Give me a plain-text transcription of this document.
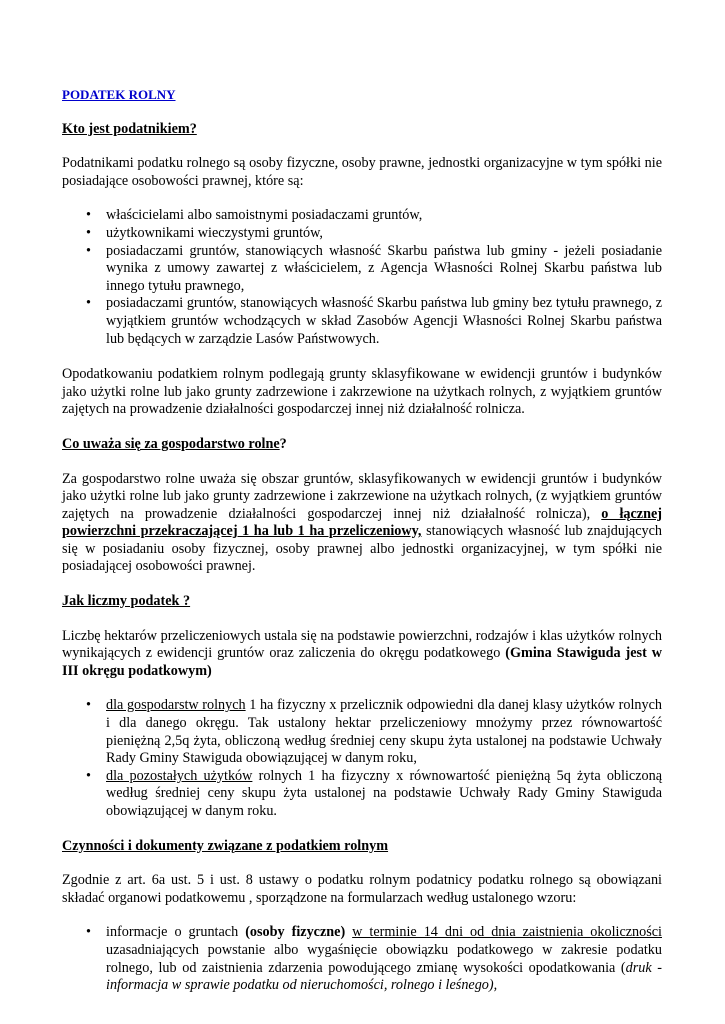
PODATEK ROLNY

Kto jest podatnikiem?

Podatnikami podatku rolnego są osoby fizyczne, osoby prawne, jednostki organizacyjne w tym spółki nie posiadające osobowości prawnej, które są:

• właścicielami albo samoistnymi posiadaczami gruntów,
• użytkownikami wieczystymi gruntów,
• posiadaczami gruntów, stanowiących własność Skarbu państwa lub gminy - jeżeli posiadanie wynika z umowy zawartej z właścicielem, z Agencja Własności Rolnej Skarbu państwa lub innego tytułu prawnego,
• posiadaczami gruntów, stanowiących własność Skarbu państwa lub gminy bez tytułu prawnego, z wyjątkiem gruntów wchodzących w skład Zasobów Agencji Własności Rolnej Skarbu państwa lub będących w zarządzie Lasów Państwowych.

Opodatkowaniu podatkiem rolnym podlegają grunty sklasyfikowane w ewidencji gruntów i budynków jako użytki rolne lub jako grunty zadrzewione i zakrzewione na użytkach rolnych, z wyjątkiem gruntów zajętych na prowadzenie działalności gospodarczej innej niż działalność rolnicza.

Co uważa się za gospodarstwo rolne?

Za gospodarstwo rolne uważa się obszar gruntów, sklasyfikowanych w ewidencji gruntów i budynków jako użytki rolne lub jako grunty zadrzewione i zakrzewione na użytkach rolnych, (z wyjątkiem gruntów zajętych na prowadzenie działalności gospodarczej innej niż działalność rolnicza), o łącznej powierzchni przekraczającej 1 ha lub 1 ha przeliczeniowy, stanowiących własność lub znajdujących się w posiadaniu osoby fizycznej, osoby prawnej albo jednostki organizacyjnej, w tym spółki nie posiadającej osobowości prawnej.

Jak liczmy podatek ?

Liczbę hektarów przeliczeniowych ustala się na podstawie powierzchni, rodzajów i klas użytków rolnych wynikających z ewidencji gruntów oraz zaliczenia do okręgu podatkowego (Gmina Stawiguda jest w III okręgu podatkowym)

• dla gospodarstw rolnych 1 ha fizyczny x przelicznik odpowiedni dla danej klasy użytków rolnych i dla danego okręgu. Tak ustalony hektar przeliczeniowy mnożymy przez równowartość pieniężną 2,5q żyta, obliczoną według średniej ceny skupu żyta ustalonej na podstawie Uchwały Rady Gminy Stawiguda obowiązującej w danym roku,
• dla pozostałych użytków rolnych 1 ha fizyczny x równowartość pieniężną 5q żyta obliczoną według średniej ceny skupu żyta ustalonej na podstawie Uchwały Rady Gminy Stawiguda obowiązującej w danym roku.

Czynności i dokumenty związane z podatkiem rolnym

Zgodnie z art. 6a ust. 5 i ust. 8 ustawy o podatku rolnym podatnicy podatku rolnego są obowiązani składać organowi podatkowemu , sporządzone na formularzach według ustalonego wzoru:

• informacje o gruntach (osoby fizyczne) w terminie 14 dni od dnia zaistnienia okoliczności uzasadniających powstanie albo wygaśnięcie obowiązku podatkowego w zakresie podatku rolnego, lub od zaistnienia zdarzenia powodującego zmianę wysokości opodatkowania (druk - informacja w sprawie podatku od nieruchomości, rolnego i leśnego),
